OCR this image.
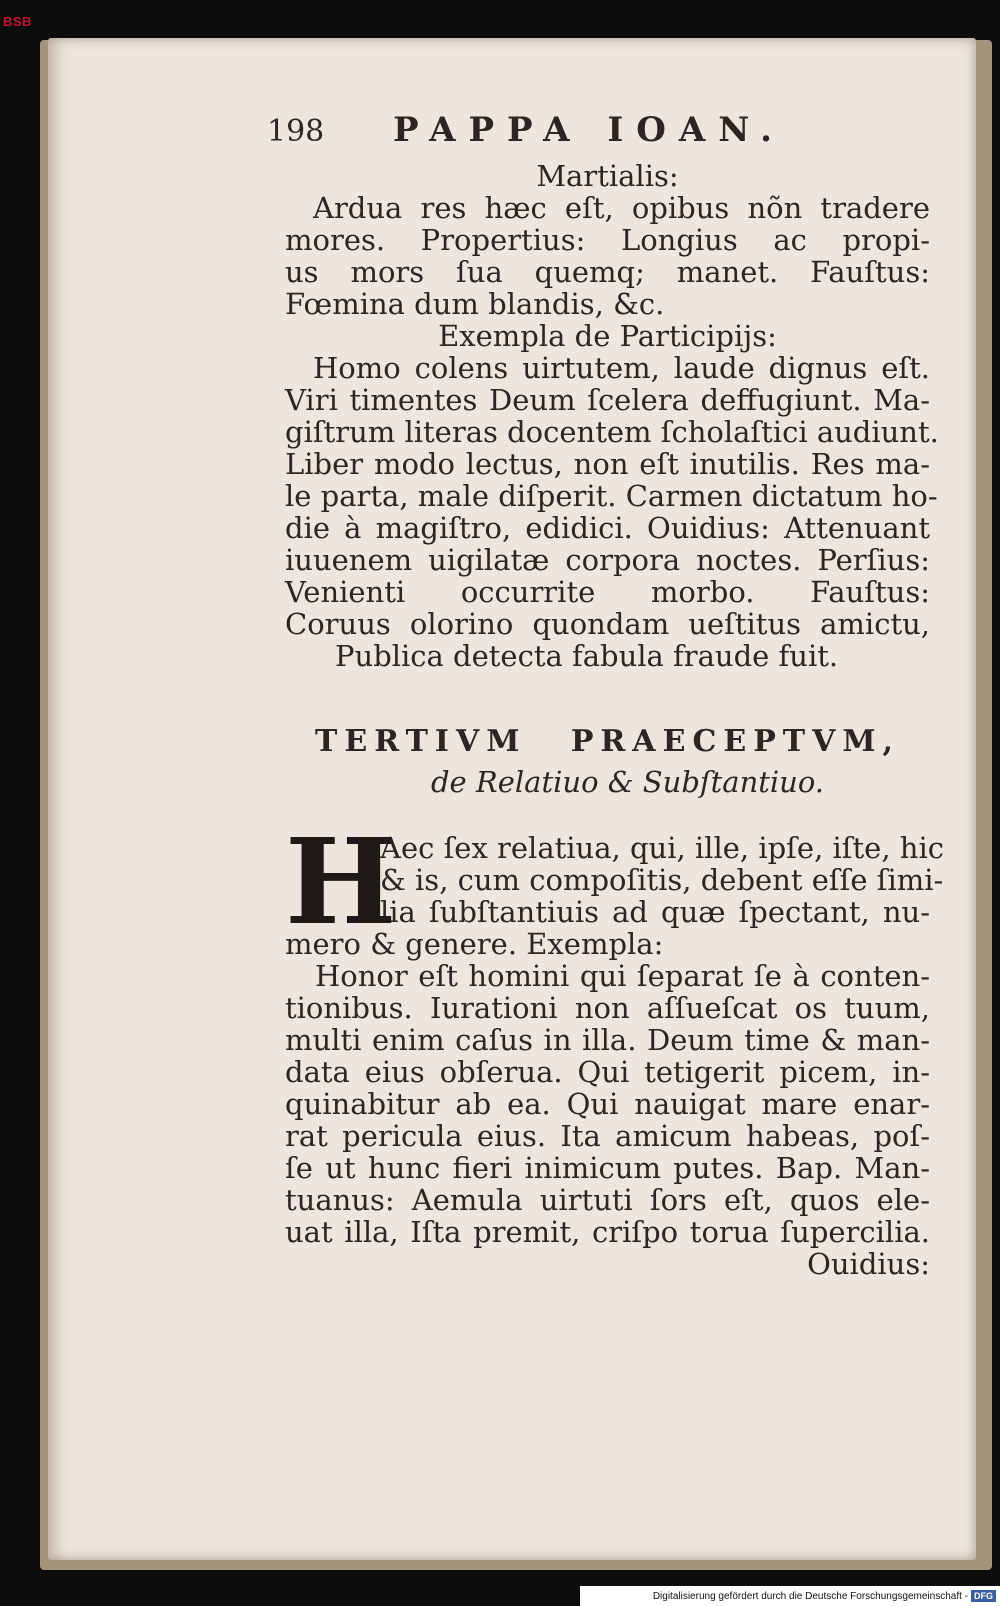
BSB
198 PAPPA IOAN.
Martialis:
Ardua res hæc eſt, opibus nõn tradere
mores. Propertius: Longius ac propi-
us mors ſua quemq; manet. Fauſtus:
Fœmina dum blandis, &c.
Exempla de Participijs:
Homo colens uirtutem, laude dignus eſt.
Viri timentes Deum ſcelera deffugiunt. Ma-
giſtrum literas docentem ſcholaſtici audiunt.
Liber modo lectus, non eſt inutilis. Res ma-
le parta, male diſperit. Carmen dictatum ho-
die à magiſtro, edidici. Ouidius: Attenuant
iuuenem uigilatæ corpora noctes. Perſius:
Venienti occurrite morbo. Fauſtus:
Coruus olorino quondam ueſtitus amictu,
Publica detecta fabula fraude fuit.
TERTIVM PRAECEPTVM,
de Relatiuo & Subſtantiuo.
H
Aec ſex relatiua, qui, ille, ipſe, iſte, hic
& is, cum compoſitis, debent eſſe ſimi-
lia ſubſtantiuis ad quæ ſpectant, nu-
mero & genere. Exempla:
Honor eſt homini qui ſeparat ſe à conten-
tionibus. Iurationi non aſſueſcat os tuum,
multi enim caſus in illa. Deum time & man-
data eius obſerua. Qui tetigerit picem, in-
quinabitur ab ea. Qui nauigat mare enar-
rat pericula eius. Ita amicum habeas, poſ-
ſe ut hunc fieri inimicum putes. Bap. Man-
tuanus: Aemula uirtuti ſors eſt, quos ele-
uat illa, Iſta premit, criſpo torua ſupercilia.
Ouidius:
Digitalisierung gefördert durch die Deutsche Forschungsgemeinschaft - DFG
